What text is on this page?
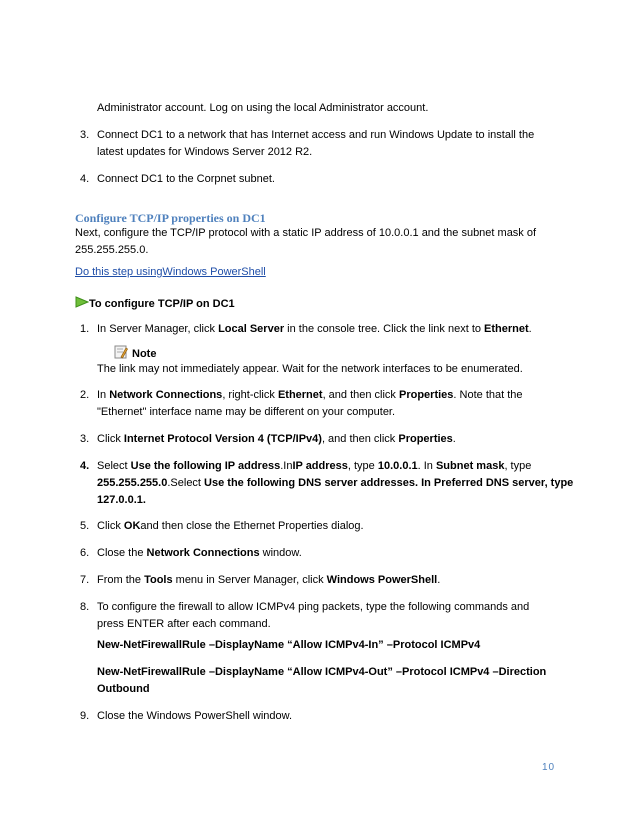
Administrator account. Log on using the local Administrator account.
3. Connect DC1 to a network that has Internet access and run Windows Update to install the
latest updates for Windows Server 2012 R2.
4. Connect DC1 to the Corpnet subnet.
Configure TCP/IP properties on DC1
Next, configure the TCP/IP protocol with a static IP address of 10.0.0.1 and the subnet mask of
255.255.255.0.
Do this step usingWindows PowerShell
To configure TCP/IP on DC1
1. In Server Manager, click Local Server in the console tree. Click the link next to Ethernet.
Note
The link may not immediately appear. Wait for the network interfaces to be enumerated.
2. In Network Connections, right-click Ethernet, and then click Properties. Note that the
"Ethernet" interface name may be different on your computer.
3. Click Internet Protocol Version 4 (TCP/IPv4), and then click Properties.
4. Select Use the following IP address.InIP address, type 10.0.0.1. In Subnet mask, type
255.255.255.0.Select Use the following DNS server addresses. In Preferred DNS server, type
127.0.0.1.
5. Click OKand then close the Ethernet Properties dialog.
6. Close the Network Connections window.
7. From the Tools menu in Server Manager, click Windows PowerShell.
8. To configure the firewall to allow ICMPv4 ping packets, type the following commands and
press ENTER after each command.
New-NetFirewallRule –DisplayName “Allow ICMPv4-In” –Protocol ICMPv4
New-NetFirewallRule –DisplayName “Allow ICMPv4-Out” –Protocol ICMPv4 –Direction
Outbound
9. Close the Windows PowerShell window.
10
